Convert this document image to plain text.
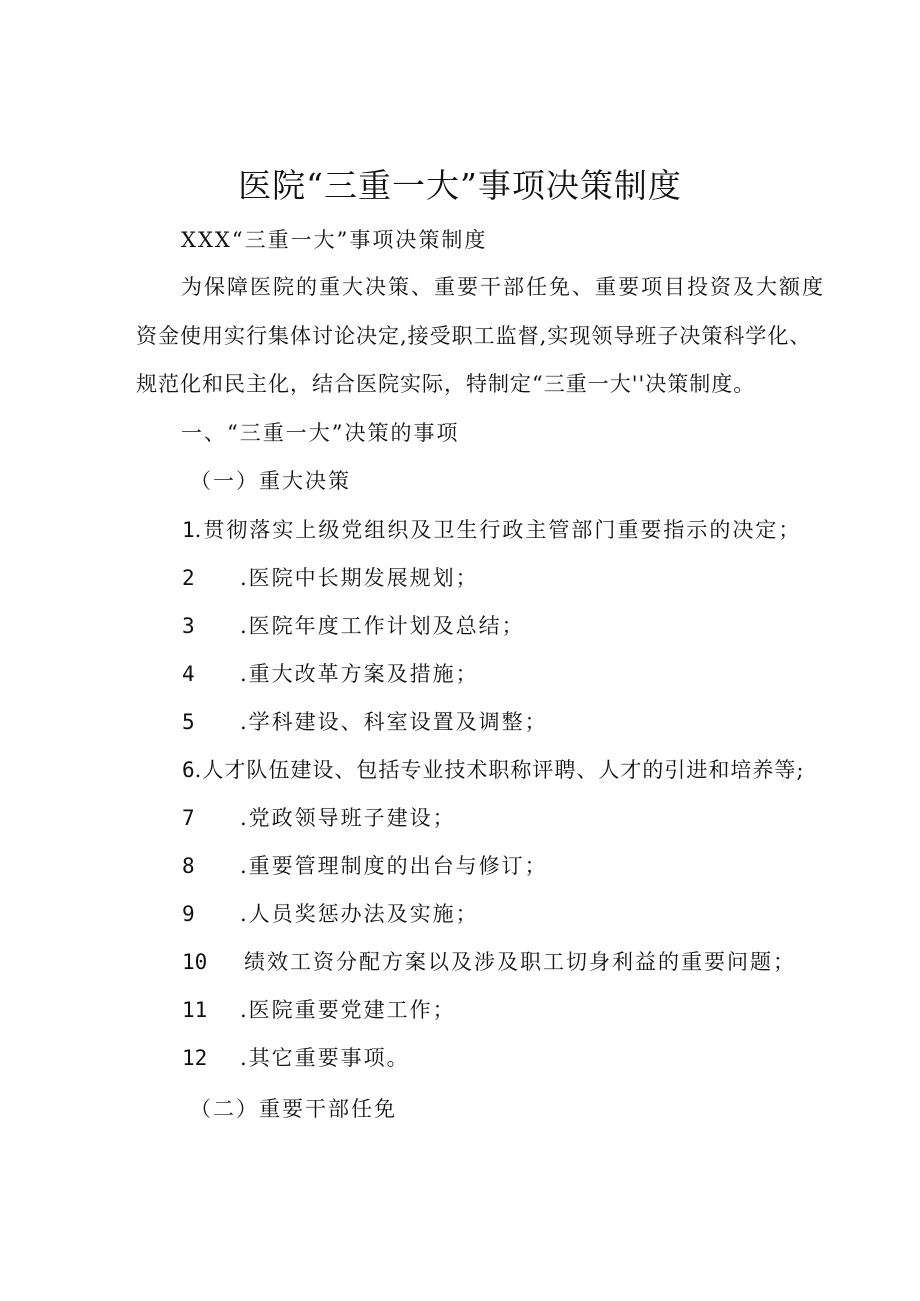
医院“三重一大”事项决策制度
XXX“三重一大”事项决策制度
为保障医院的重大决策、重要干部任免、重要项目投资及大额度
资金使用实行集体讨论决定,接受职工监督,实现领导班子决策科学化、
规范化和民主化，结合医院实际，特制定“三重一大''决策制度。
一、“三重一大”决策的事项
（一）重大决策
1.贯彻落实上级党组织及卫生行政主管部门重要指示的决定；
2 .医院中长期发展规划；
3 .医院年度工作计划及总结；
4 .重大改革方案及措施；
5 .学科建设、科室设置及调整；
6.人才队伍建设、包括专业技术职称评聘、人才的引进和培养等;
7 .党政领导班子建设；
8 .重要管理制度的出台与修订；
9 .人员奖惩办法及实施；
10 绩效工资分配方案以及涉及职工切身利益的重要问题；
11 .医院重要党建工作；
12 .其它重要事项。
（二）重要干部任免
